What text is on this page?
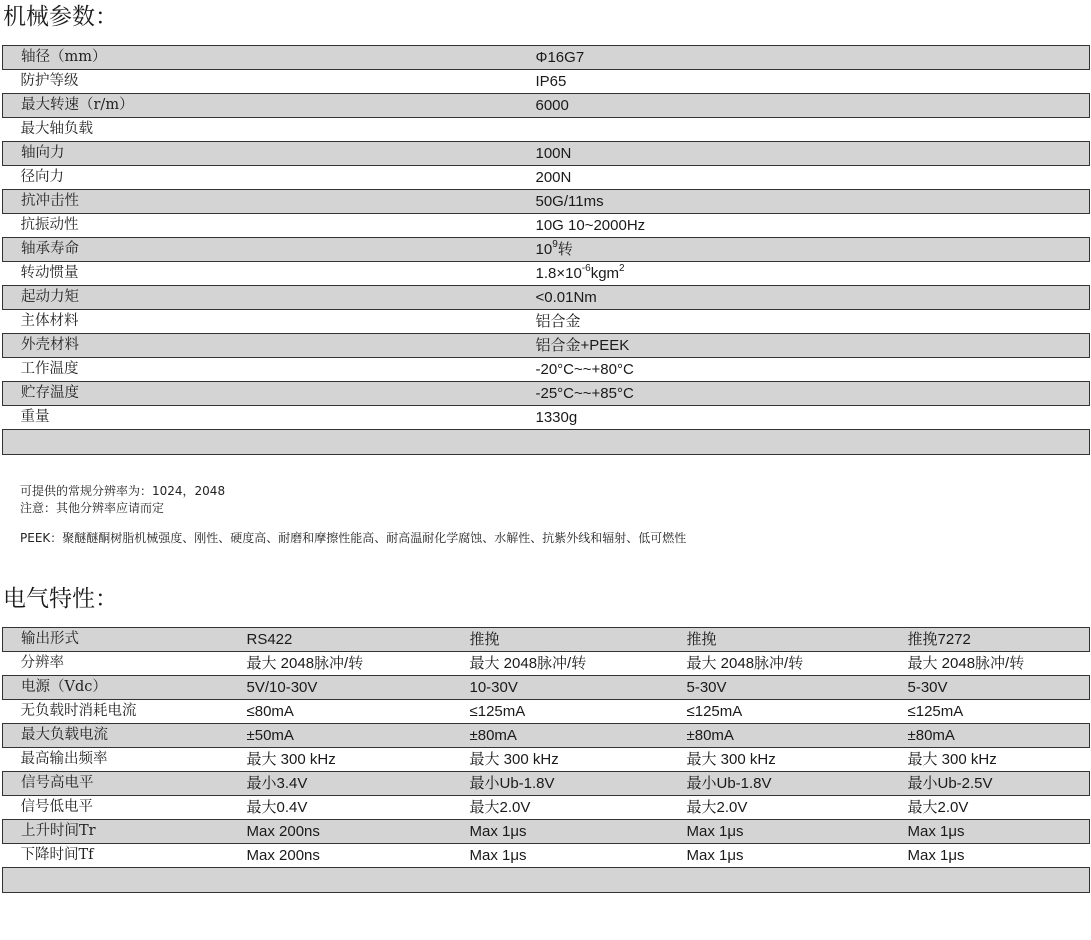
机械参数：
轴径（mm）	Φ16G7
防护等级	IP65
最大转速（r/m）	6000
最大轴负载	
轴向力	100N
径向力	200N
抗冲击性	50G/11ms
抗振动性	10G 10~2000Hz
轴承寿命	$10^9$转
转动惯量	$1.8\times 10^{-6}kgm^2$
起动力矩	<0.01Nm
主体材料	铝合金
外壳材料	铝合金+PEEK
工作温度	-20°C~~+80°C
贮存温度	-25°C~~+85°C
重量	1330g

可提供的常规分辨率为：1024，2048
注意：其他分辨率应请而定
PEEK：聚醚醚酮树脂机械强度、刚性、硬度高、耐磨和摩擦性能高、耐高温耐化学腐蚀、水解性、抗紫外线和辐射、低可燃性
电气特性：
输出形式	RS422	推挽	推挽	推挽7272
分辨率	最大 2048脉冲/转	最大 2048脉冲/转	最大 2048脉冲/转	最大 2048脉冲/转
电源（Vdc）	5V/10-30V	10-30V	5-30V	5-30V
无负载时消耗电流	≤80mA	≤125mA	≤125mA	≤125mA
最大负载电流	±50mA	±80mA	±80mA	±80mA
最高输出频率	最大 300 kHz	最大 300 kHz	最大 300 kHz	最大 300 kHz
信号高电平	最小3.4V	最小Ub-1.8V	最小Ub-1.8V	最小Ub-2.5V
信号低电平	最大0.4V	最大2.0V	最大2.0V	最大2.0V
上升时间Tr	Max 200ns	Max 1μs	Max 1μs	Max 1μs
下降时间Tf	Max 200ns	Max 1μs	Max 1μs	Max 1μs
